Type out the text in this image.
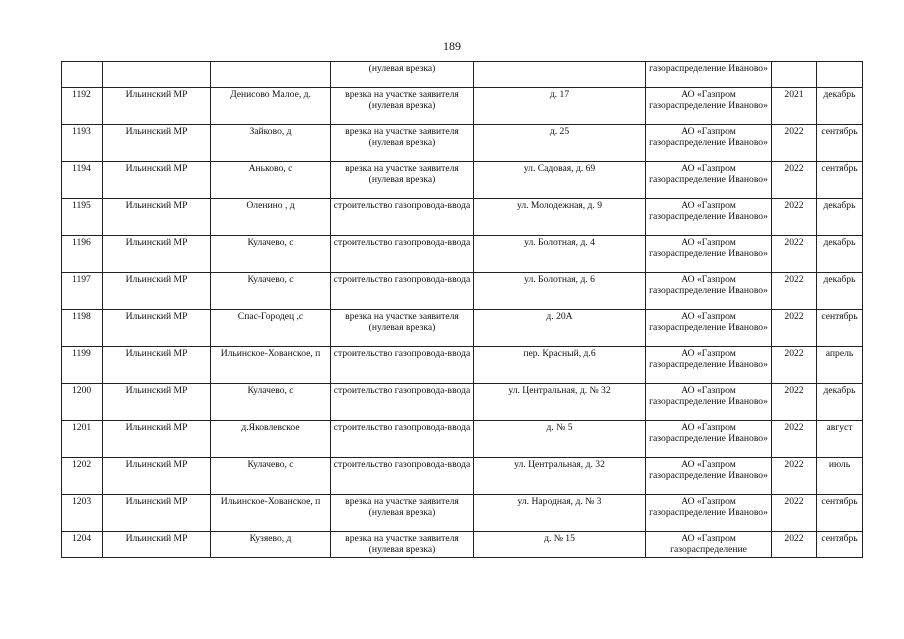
189
			(нулевая врезка)		газораспределение Иваново»		
1192	Ильинский МР	Денисово Малое, д.	врезка на участке заявителя (нулевая врезка)	д. 17	АО «Газпром газораспределение Иваново»	2021	декабрь
1193	Ильинский МР	Зайково, д	врезка на участке заявителя (нулевая врезка)	д. 25	АО «Газпром газораспределение Иваново»	2022	сентябрь
1194	Ильинский МР	Аньково, с	врезка на участке заявителя (нулевая врезка)	ул. Садовая, д. 69	АО «Газпром газораспределение Иваново»	2022	сентябрь
1195	Ильинский МР	Оленино , д	строительство газопровода-ввода	ул. Молодежная, д. 9	АО «Газпром газораспределение Иваново»	2022	декабрь
1196	Ильинский МР	Кулачево, с	строительство газопровода-ввода	ул. Болотная, д. 4	АО «Газпром газораспределение Иваново»	2022	декабрь
1197	Ильинский МР	Кулачево, с	строительство газопровода-ввода	ул. Болотная, д. 6	АО «Газпром газораспределение Иваново»	2022	декабрь
1198	Ильинский МР	Спас-Городец ,с	врезка на участке заявителя (нулевая врезка)	д. 20А	АО «Газпром газораспределение Иваново»	2022	сентябрь
1199	Ильинский МР	Ильинское-Хованское, п	строительство газопровода-ввода	пер. Красный, д.6	АО «Газпром газораспределение Иваново»	2022	апрель
1200	Ильинский МР	Кулачево, с	строительство газопровода-ввода	ул. Центральная, д. № 32	АО «Газпром газораспределение Иваново»	2022	декабрь
1201	Ильинский МР	д.Яковлевское	строительство газопровода-ввода	д. № 5	АО «Газпром газораспределение Иваново»	2022	август
1202	Ильинский МР	Кулачево, с	строительство газопровода-ввода	ул. Центральная, д. 32	АО «Газпром газораспределение Иваново»	2022	июль
1203	Ильинский МР	Ильинское-Хованское, п	врезка на участке заявителя (нулевая врезка)	ул. Народная, д. № 3	АО «Газпром газораспределение Иваново»	2022	сентябрь
1204	Ильинский МР	Кузяево, д	врезка на участке заявителя (нулевая врезка)	д. № 15	АО «Газпром газораспределение	2022	сентябрь
